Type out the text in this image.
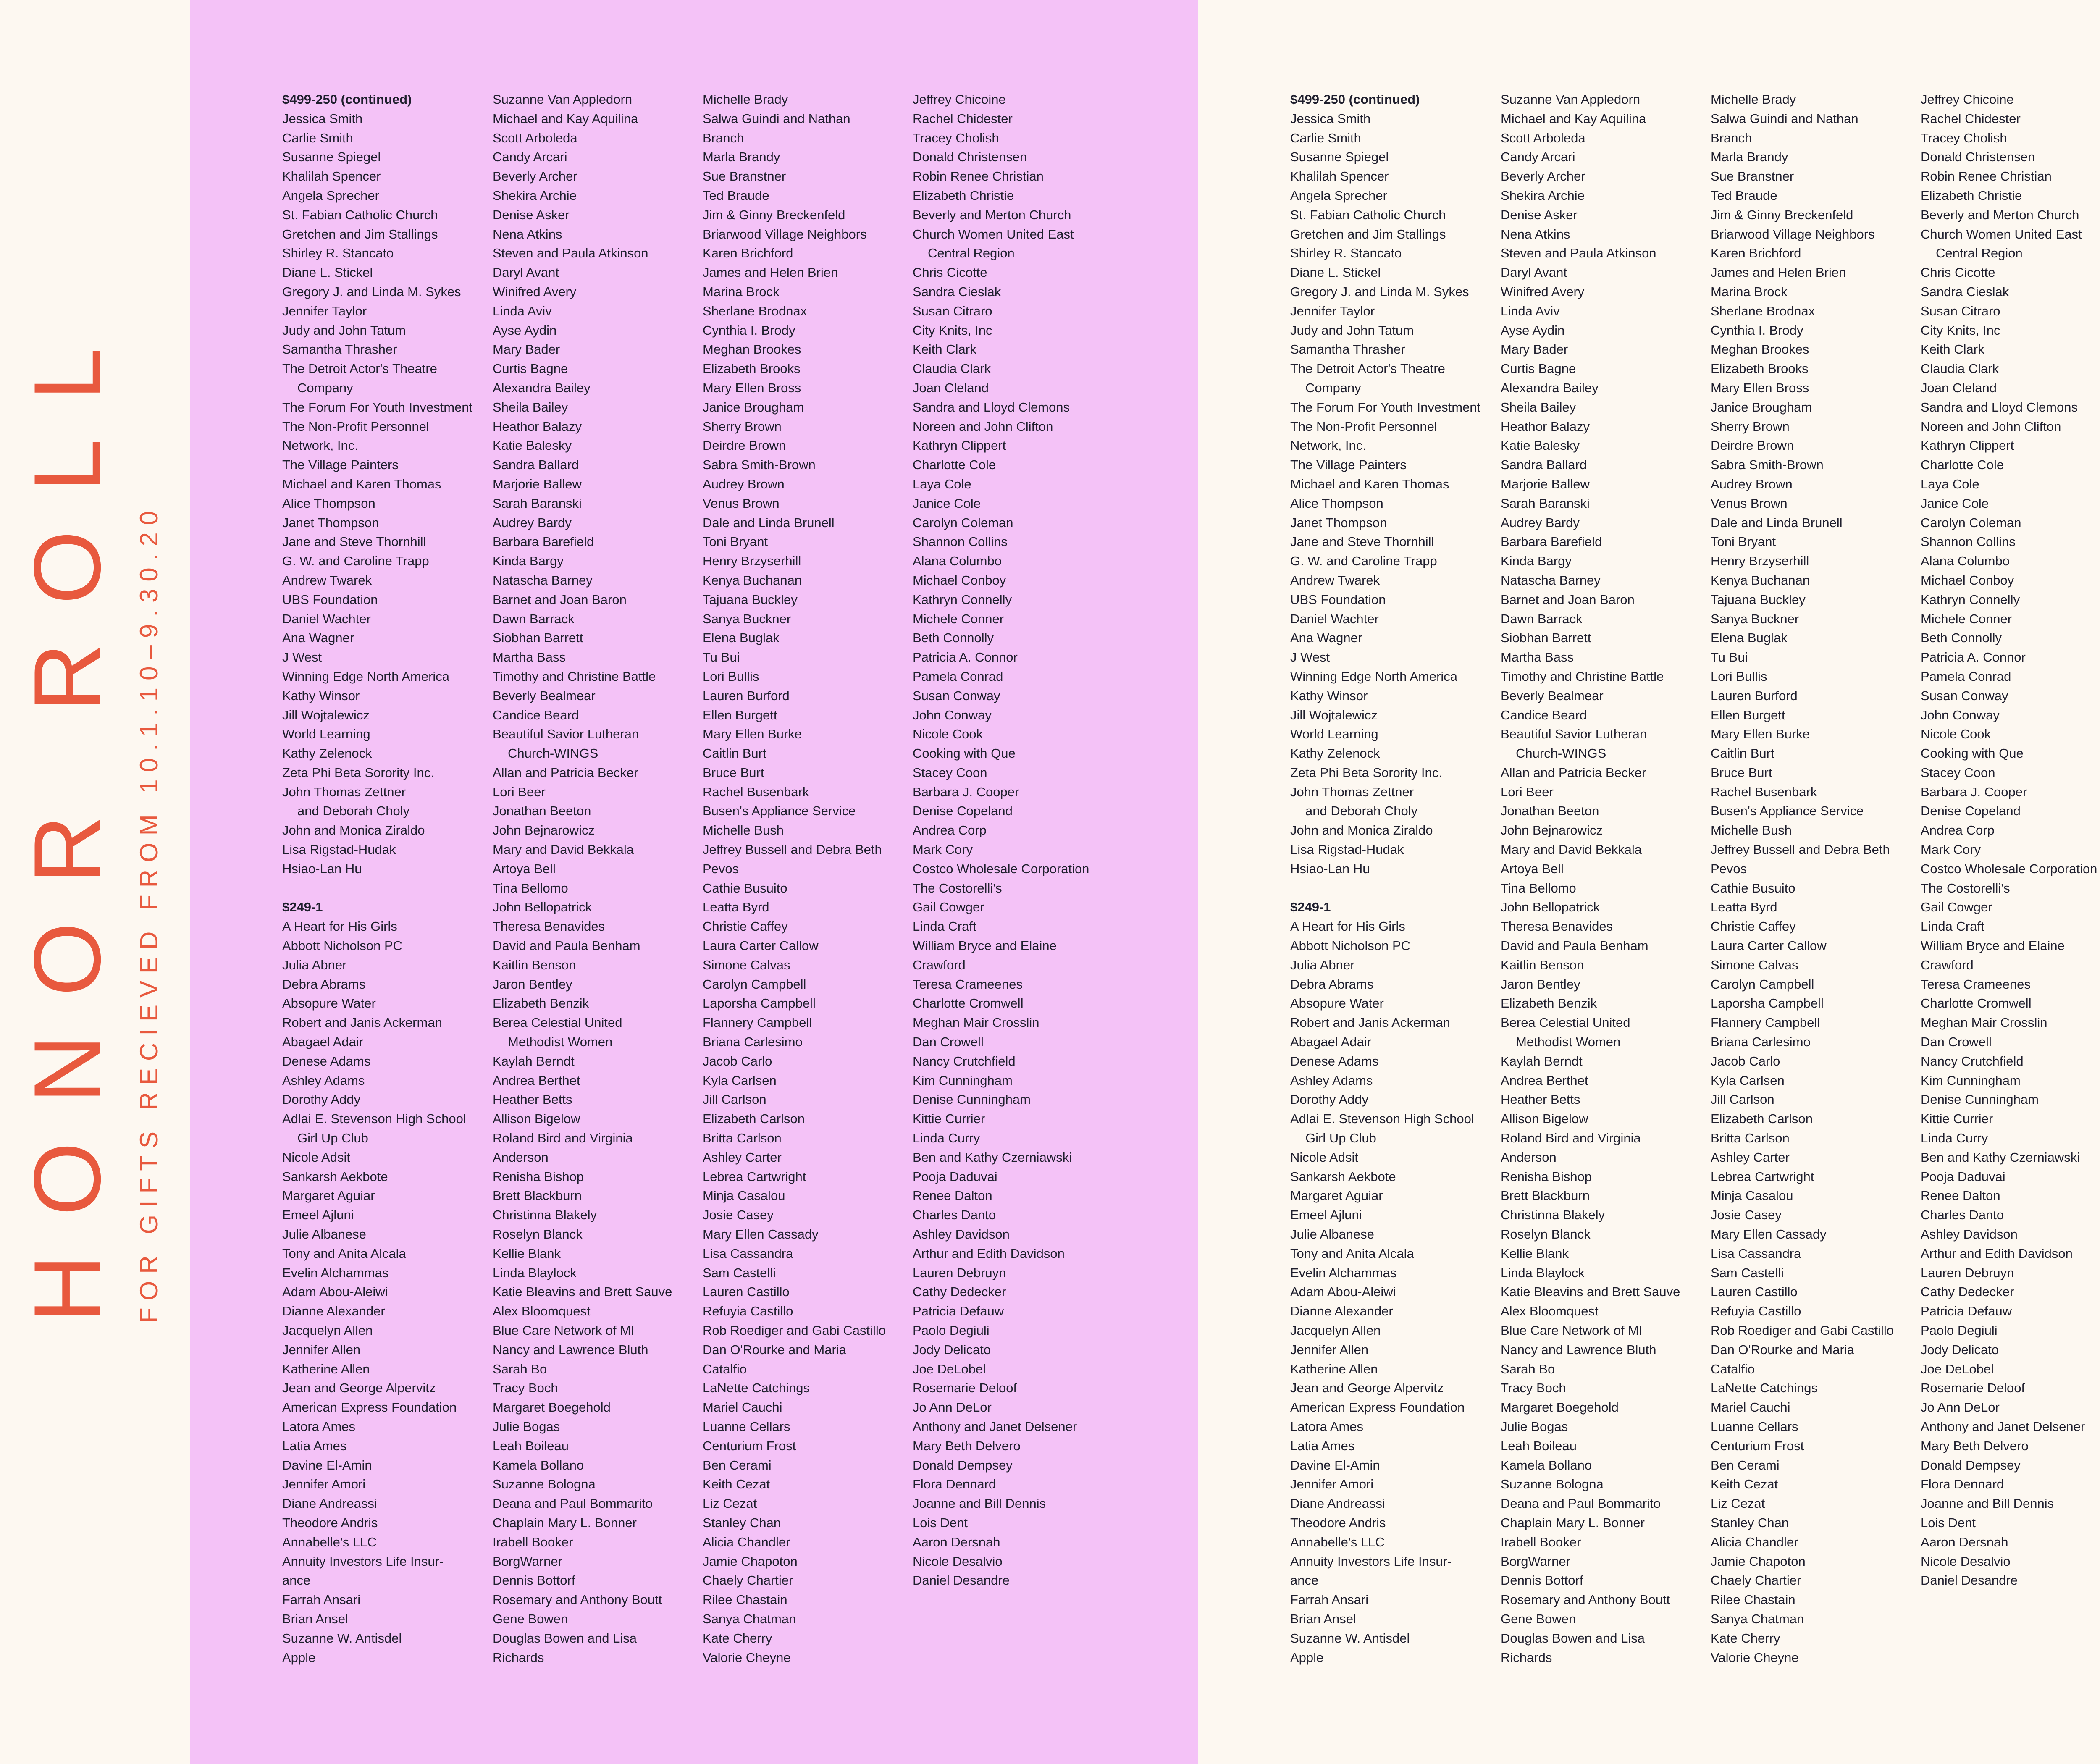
HONOR ROLL FOR GIFTS RECIEVED FROM 10.1.10–9.30.20
$499-250 (continued)
Jessica Smith
Carlie Smith
Susanne Spiegel
Khalilah Spencer
Angela Sprecher
St. Fabian Catholic Church
Gretchen and Jim Stallings
Shirley R. Stancato
Diane L. Stickel
Gregory J. and Linda M. Sykes
Jennifer Taylor
Judy and John Tatum
Samantha Thrasher
The Detroit Actor's Theatre
Company
The Forum For Youth Investment
The Non-Profit Personnel
Network, Inc.
The Village Painters
Michael and Karen Thomas
Alice Thompson
Janet Thompson
Jane and Steve Thornhill
G. W. and Caroline Trapp
Andrew Twarek
UBS Foundation
Daniel Wachter
Ana Wagner
J West
Winning Edge North America
Kathy Winsor
Jill Wojtalewicz
World Learning
Kathy Zelenock
Zeta Phi Beta Sorority Inc.
John Thomas Zettner
and Deborah Choly
John and Monica Ziraldo
Lisa Rigstad-Hudak
Hsiao-Lan Hu
$249-1
A Heart for His Girls
Abbott Nicholson PC
Julia Abner
Debra Abrams
Absopure Water
Robert and Janis Ackerman
Abagael Adair
Denese Adams
Ashley Adams
Dorothy Addy
Adlai E. Stevenson High School
Girl Up Club
Nicole Adsit
Sankarsh Aekbote
Margaret Aguiar
Emeel Ajluni
Julie Albanese
Tony and Anita Alcala
Evelin Alchammas
Adam Abou-Aleiwi
Dianne Alexander
Jacquelyn Allen
Jennifer Allen
Katherine Allen
Jean and George Alpervitz
American Express Foundation
Latora Ames
Latia Ames
Davine El-Amin
Jennifer Amori
Diane Andreassi
Theodore Andris
Annabelle's LLC
Annuity Investors Life Insur-
ance
Farrah Ansari
Brian Ansel
Suzanne W. Antisdel
Apple
Suzanne Van Appledorn
Michael and Kay Aquilina
Scott Arboleda
Candy Arcari
Beverly Archer
Shekira Archie
Denise Asker
Nena Atkins
Steven and Paula Atkinson
Daryl Avant
Winifred Avery
Linda Aviv
Ayse Aydin
Mary Bader
Curtis Bagne
Alexandra Bailey
Sheila Bailey
Heathor Balazy
Katie Balesky
Sandra Ballard
Marjorie Ballew
Sarah Baranski
Audrey Bardy
Barbara Barefield
Kinda Bargy
Natascha Barney
Barnet and Joan Baron
Dawn Barrack
Siobhan Barrett
Martha Bass
Timothy and Christine Battle
Beverly Bealmear
Candice Beard
Beautiful Savior Lutheran
Church-WINGS
Allan and Patricia Becker
Lori Beer
Jonathan Beeton
John Bejnarowicz
Mary and David Bekkala
Artoya Bell
Tina Bellomo
John Bellopatrick
Theresa Benavides
David and Paula Benham
Kaitlin Benson
Jaron Bentley
Elizabeth Benzik
Berea Celestial United
Methodist Women
Kaylah Berndt
Andrea Berthet
Heather Betts
Allison Bigelow
Roland Bird and Virginia
Anderson
Renisha Bishop
Brett Blackburn
Christinna Blakely
Roselyn Blanck
Kellie Blank
Linda Blaylock
Katie Bleavins and Brett Sauve
Alex Bloomquest
Blue Care Network of MI
Nancy and Lawrence Bluth
Sarah Bo
Tracy Boch
Margaret Boegehold
Julie Bogas
Leah Boileau
Kamela Bollano
Suzanne Bologna
Deana and Paul Bommarito
Chaplain Mary L. Bonner
Irabell Booker
BorgWarner
Dennis Bottorf
Rosemary and Anthony Boutt
Gene Bowen
Douglas Bowen and Lisa
Richards
Michelle Brady
Salwa Guindi and Nathan
Branch
Marla Brandy
Sue Branstner
Ted Braude
Jim & Ginny Breckenfeld
Briarwood Village Neighbors
Karen Brichford
James and Helen Brien
Marina Brock
Sherlane Brodnax
Cynthia I. Brody
Meghan Brookes
Elizabeth Brooks
Mary Ellen Bross
Janice Brougham
Sherry Brown
Deirdre Brown
Sabra Smith-Brown
Audrey Brown
Venus Brown
Dale and Linda Brunell
Toni Bryant
Henry Brzyserhill
Kenya Buchanan
Tajuana Buckley
Sanya Buckner
Elena Buglak
Tu Bui
Lori Bullis
Lauren Burford
Ellen Burgett
Mary Ellen Burke
Caitlin Burt
Bruce Burt
Rachel Busenbark
Busen's Appliance Service
Michelle Bush
Jeffrey Bussell and Debra Beth
Pevos
Cathie Busuito
Leatta Byrd
Christie Caffey
Laura Carter Callow
Simone Calvas
Carolyn Campbell
Laporsha Campbell
Flannery Campbell
Briana Carlesimo
Jacob Carlo
Kyla Carlsen
Jill Carlson
Elizabeth Carlson
Britta Carlson
Ashley Carter
Lebrea Cartwright
Minja Casalou
Josie Casey
Mary Ellen Cassady
Lisa Cassandra
Sam Castelli
Lauren Castillo
Refuyia Castillo
Rob Roediger and Gabi Castillo
Dan O'Rourke and Maria
Catalfio
LaNette Catchings
Mariel Cauchi
Luanne Cellars
Centurium Frost
Ben Cerami
Keith Cezat
Liz Cezat
Stanley Chan
Alicia Chandler
Jamie Chapoton
Chaely Chartier
Rilee Chastain
Sanya Chatman
Kate Cherry
Valorie Cheyne
Jeffrey Chicoine
Rachel Chidester
Tracey Cholish
Donald Christensen
Robin Renee Christian
Elizabeth Christie
Beverly and Merton Church
Church Women United East
Central Region
Chris Cicotte
Sandra Cieslak
Susan Citraro
City Knits, Inc
Keith Clark
Claudia Clark
Joan Cleland
Sandra and Lloyd Clemons
Noreen and John Clifton
Kathryn Clippert
Charlotte Cole
Laya Cole
Janice Cole
Carolyn Coleman
Shannon Collins
Alana Columbo
Michael Conboy
Kathryn Connelly
Michele Conner
Beth Connolly
Patricia A. Connor
Pamela Conrad
Susan Conway
John Conway
Nicole Cook
Cooking with Que
Stacey Coon
Barbara J. Cooper
Denise Copeland
Andrea Corp
Mark Cory
Costco Wholesale Corporation
The Costorelli's
Gail Cowger
Linda Craft
William Bryce and Elaine
Crawford
Teresa Crameenes
Charlotte Cromwell
Meghan Mair Crosslin
Dan Crowell
Nancy Crutchfield
Kim Cunningham
Denise Cunningham
Kittie Currier
Linda Curry
Ben and Kathy Czerniawski
Pooja Daduvai
Renee Dalton
Charles Danto
Ashley Davidson
Arthur and Edith Davidson
Lauren Debruyn
Cathy Dedecker
Patricia Defauw
Paolo Degiuli
Jody Delicato
Joe DeLobel
Rosemarie Deloof
Jo Ann DeLor
Anthony and Janet Delsener
Mary Beth Delvero
Donald Dempsey
Flora Dennard
Joanne and Bill Dennis
Lois Dent
Aaron Dersnah
Nicole Desalvio
Daniel Desandre
$499-250 (continued)
Jessica Smith
Carlie Smith
Susanne Spiegel
Khalilah Spencer
Angela Sprecher
St. Fabian Catholic Church
Gretchen and Jim Stallings
Shirley R. Stancato
Diane L. Stickel
Gregory J. and Linda M. Sykes
Jennifer Taylor
Judy and John Tatum
Samantha Thrasher
The Detroit Actor's Theatre
Company
The Forum For Youth Investment
The Non-Profit Personnel
Network, Inc.
The Village Painters
Michael and Karen Thomas
Alice Thompson
Janet Thompson
Jane and Steve Thornhill
G. W. and Caroline Trapp
Andrew Twarek
UBS Foundation
Daniel Wachter
Ana Wagner
J West
Winning Edge North America
Kathy Winsor
Jill Wojtalewicz
World Learning
Kathy Zelenock
Zeta Phi Beta Sorority Inc.
John Thomas Zettner
and Deborah Choly
John and Monica Ziraldo
Lisa Rigstad-Hudak
Hsiao-Lan Hu
$249-1
A Heart for His Girls
Abbott Nicholson PC
Julia Abner
Debra Abrams
Absopure Water
Robert and Janis Ackerman
Abagael Adair
Denese Adams
Ashley Adams
Dorothy Addy
Adlai E. Stevenson High School
Girl Up Club
Nicole Adsit
Sankarsh Aekbote
Margaret Aguiar
Emeel Ajluni
Julie Albanese
Tony and Anita Alcala
Evelin Alchammas
Adam Abou-Aleiwi
Dianne Alexander
Jacquelyn Allen
Jennifer Allen
Katherine Allen
Jean and George Alpervitz
American Express Foundation
Latora Ames
Latia Ames
Davine El-Amin
Jennifer Amori
Diane Andreassi
Theodore Andris
Annabelle's LLC
Annuity Investors Life Insur-
ance
Farrah Ansari
Brian Ansel
Suzanne W. Antisdel
Apple
Suzanne Van Appledorn
Michael and Kay Aquilina
Scott Arboleda
Candy Arcari
Beverly Archer
Shekira Archie
Denise Asker
Nena Atkins
Steven and Paula Atkinson
Daryl Avant
Winifred Avery
Linda Aviv
Ayse Aydin
Mary Bader
Curtis Bagne
Alexandra Bailey
Sheila Bailey
Heathor Balazy
Katie Balesky
Sandra Ballard
Marjorie Ballew
Sarah Baranski
Audrey Bardy
Barbara Barefield
Kinda Bargy
Natascha Barney
Barnet and Joan Baron
Dawn Barrack
Siobhan Barrett
Martha Bass
Timothy and Christine Battle
Beverly Bealmear
Candice Beard
Beautiful Savior Lutheran
Church-WINGS
Allan and Patricia Becker
Lori Beer
Jonathan Beeton
John Bejnarowicz
Mary and David Bekkala
Artoya Bell
Tina Bellomo
John Bellopatrick
Theresa Benavides
David and Paula Benham
Kaitlin Benson
Jaron Bentley
Elizabeth Benzik
Berea Celestial United
Methodist Women
Kaylah Berndt
Andrea Berthet
Heather Betts
Allison Bigelow
Roland Bird and Virginia
Anderson
Renisha Bishop
Brett Blackburn
Christinna Blakely
Roselyn Blanck
Kellie Blank
Linda Blaylock
Katie Bleavins and Brett Sauve
Alex Bloomquest
Blue Care Network of MI
Nancy and Lawrence Bluth
Sarah Bo
Tracy Boch
Margaret Boegehold
Julie Bogas
Leah Boileau
Kamela Bollano
Suzanne Bologna
Deana and Paul Bommarito
Chaplain Mary L. Bonner
Irabell Booker
BorgWarner
Dennis Bottorf
Rosemary and Anthony Boutt
Gene Bowen
Douglas Bowen and Lisa
Richards
Michelle Brady
Salwa Guindi and Nathan
Branch
Marla Brandy
Sue Branstner
Ted Braude
Jim & Ginny Breckenfeld
Briarwood Village Neighbors
Karen Brichford
James and Helen Brien
Marina Brock
Sherlane Brodnax
Cynthia I. Brody
Meghan Brookes
Elizabeth Brooks
Mary Ellen Bross
Janice Brougham
Sherry Brown
Deirdre Brown
Sabra Smith-Brown
Audrey Brown
Venus Brown
Dale and Linda Brunell
Toni Bryant
Henry Brzyserhill
Kenya Buchanan
Tajuana Buckley
Sanya Buckner
Elena Buglak
Tu Bui
Lori Bullis
Lauren Burford
Ellen Burgett
Mary Ellen Burke
Caitlin Burt
Bruce Burt
Rachel Busenbark
Busen's Appliance Service
Michelle Bush
Jeffrey Bussell and Debra Beth
Pevos
Cathie Busuito
Leatta Byrd
Christie Caffey
Laura Carter Callow
Simone Calvas
Carolyn Campbell
Laporsha Campbell
Flannery Campbell
Briana Carlesimo
Jacob Carlo
Kyla Carlsen
Jill Carlson
Elizabeth Carlson
Britta Carlson
Ashley Carter
Lebrea Cartwright
Minja Casalou
Josie Casey
Mary Ellen Cassady
Lisa Cassandra
Sam Castelli
Lauren Castillo
Refuyia Castillo
Rob Roediger and Gabi Castillo
Dan O'Rourke and Maria
Catalfio
LaNette Catchings
Mariel Cauchi
Luanne Cellars
Centurium Frost
Ben Cerami
Keith Cezat
Liz Cezat
Stanley Chan
Alicia Chandler
Jamie Chapoton
Chaely Chartier
Rilee Chastain
Sanya Chatman
Kate Cherry
Valorie Cheyne
Jeffrey Chicoine
Rachel Chidester
Tracey Cholish
Donald Christensen
Robin Renee Christian
Elizabeth Christie
Beverly and Merton Church
Church Women United East
Central Region
Chris Cicotte
Sandra Cieslak
Susan Citraro
City Knits, Inc
Keith Clark
Claudia Clark
Joan Cleland
Sandra and Lloyd Clemons
Noreen and John Clifton
Kathryn Clippert
Charlotte Cole
Laya Cole
Janice Cole
Carolyn Coleman
Shannon Collins
Alana Columbo
Michael Conboy
Kathryn Connelly
Michele Conner
Beth Connolly
Patricia A. Connor
Pamela Conrad
Susan Conway
John Conway
Nicole Cook
Cooking with Que
Stacey Coon
Barbara J. Cooper
Denise Copeland
Andrea Corp
Mark Cory
Costco Wholesale Corporation
The Costorelli's
Gail Cowger
Linda Craft
William Bryce and Elaine
Crawford
Teresa Crameenes
Charlotte Cromwell
Meghan Mair Crosslin
Dan Crowell
Nancy Crutchfield
Kim Cunningham
Denise Cunningham
Kittie Currier
Linda Curry
Ben and Kathy Czerniawski
Pooja Daduvai
Renee Dalton
Charles Danto
Ashley Davidson
Arthur and Edith Davidson
Lauren Debruyn
Cathy Dedecker
Patricia Defauw
Paolo Degiuli
Jody Delicato
Joe DeLobel
Rosemarie Deloof
Jo Ann DeLor
Anthony and Janet Delsener
Mary Beth Delvero
Donald Dempsey
Flora Dennard
Joanne and Bill Dennis
Lois Dent
Aaron Dersnah
Nicole Desalvio
Daniel Desandre
